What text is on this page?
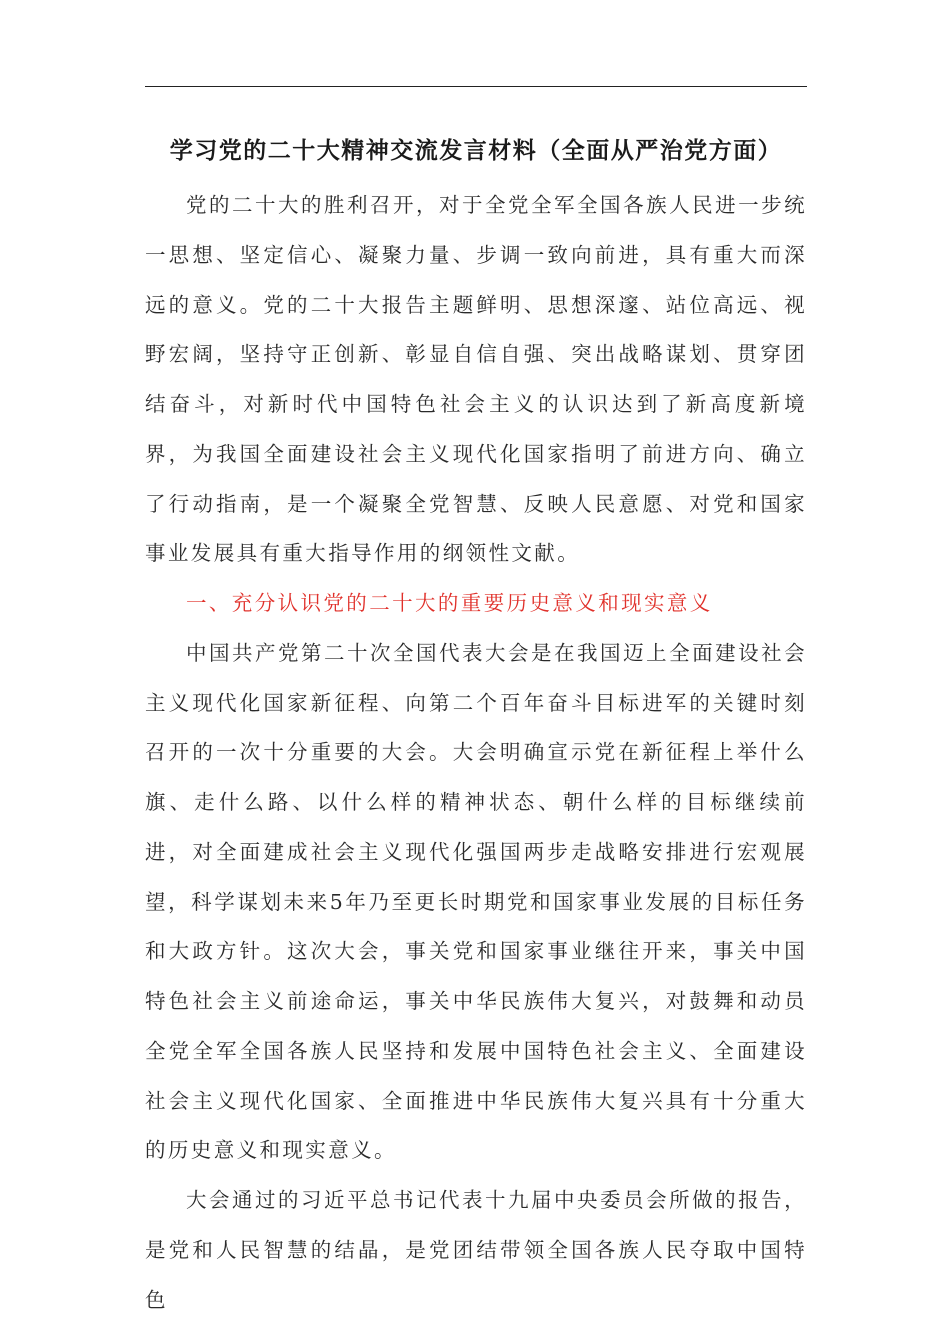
学习党的二十大精神交流发言材料（全面从严治党方面）

党的二十大的胜利召开，对于全党全军全国各族人民进一步统一思想、坚定信心、凝聚力量、步调一致向前进，具有重大而深远的意义。党的二十大报告主题鲜明、思想深邃、站位高远、视野宏阔，坚持守正创新、彰显自信自强、突出战略谋划、贯穿团结奋斗，对新时代中国特色社会主义的认识达到了新高度新境界，为我国全面建设社会主义现代化国家指明了前进方向、确立了行动指南，是一个凝聚全党智慧、反映人民意愿、对党和国家事业发展具有重大指导作用的纲领性文献。

一、充分认识党的二十大的重要历史意义和现实意义

中国共产党第二十次全国代表大会是在我国迈上全面建设社会主义现代化国家新征程、向第二个百年奋斗目标进军的关键时刻召开的一次十分重要的大会。大会明确宣示党在新征程上举什么旗、走什么路、以什么样的精神状态、朝什么样的目标继续前进，对全面建成社会主义现代化强国两步走战略安排进行宏观展望，科学谋划未来5年乃至更长时期党和国家事业发展的目标任务和大政方针。这次大会，事关党和国家事业继往开来，事关中国特色社会主义前途命运，事关中华民族伟大复兴，对鼓舞和动员全党全军全国各族人民坚持和发展中国特色社会主义、全面建设社会主义现代化国家、全面推进中华民族伟大复兴具有十分重大的历史意义和现实意义。

大会通过的习近平总书记代表十九届中央委员会所做的报告，是党和人民智慧的结晶，是党团结带领全国各族人民夺取中国特色
